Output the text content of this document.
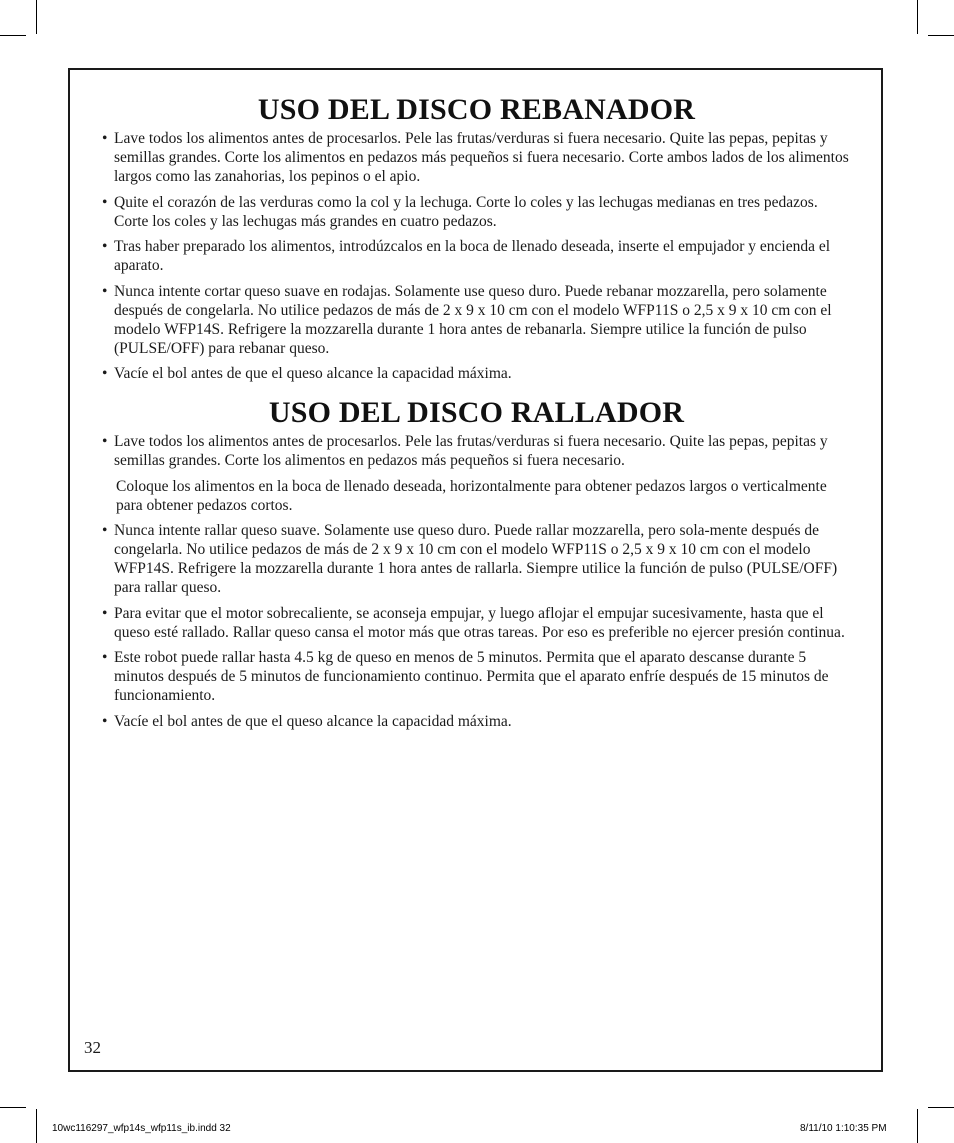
USO DEL DISCO REBANADOR
• Lave todos los alimentos antes de procesarlos. Pele las frutas/verduras si fuera necesario. Quite las pepas, pepitas y semillas grandes. Corte los alimentos en pedazos más pequeños si fuera necesario. Corte ambos lados de los alimentos largos como las zanahorias, los pepinos o el apio.
• Quite el corazón de las verduras como la col y la lechuga. Corte lo coles y las lechugas medianas en tres pedazos. Corte los coles y las lechugas más grandes en cuatro pedazos.
• Tras haber preparado los alimentos, introdúzcalos en la boca de llenado deseada, inserte el empujador y encienda el aparato.
• Nunca intente cortar queso suave en rodajas. Solamente use queso duro. Puede rebanar mozzarella, pero solamente después de congelarla. No utilice pedazos de más de 2 x 9 x 10 cm con el modelo WFP11S o 2,5 x 9 x 10 cm con el modelo WFP14S. Refrigere la mozzarella durante 1 hora antes de rebanarla. Siempre utilice la función de pulso (PULSE/OFF) para rebanar queso.
• Vacíe el bol antes de que el queso alcance la capacidad máxima.
USO DEL DISCO RALLADOR
• Lave todos los alimentos antes de procesarlos. Pele las frutas/verduras si fuera necesario. Quite las pepas, pepitas y semillas grandes. Corte los alimentos en pedazos más pequeños si fuera necesario.

Coloque los alimentos en la boca de llenado deseada, horizontalmente para obtener pedazos largos o verticalmente para obtener pedazos cortos.

• Nunca intente rallar queso suave. Solamente use queso duro. Puede rallar mozzarella, pero sola-mente después de congelarla. No utilice pedazos de más de 2 x 9 x 10 cm con el modelo WFP11S o 2,5 x 9 x 10 cm con el modelo WFP14S. Refrigere la mozzarella durante 1 hora antes de rallarla. Siempre utilice la función de pulso (PULSE/OFF) para rallar queso.
• Para evitar que el motor sobrecaliente, se aconseja empujar, y luego aflojar el empujar sucesivamente, hasta que el queso esté rallado. Rallar queso cansa el motor más que otras tareas. Por eso es preferible no ejercer presión continua.
• Este robot puede rallar hasta 4.5 kg de queso en menos de 5 minutos. Permita que el aparato descanse durante 5 minutos después de 5 minutos de funcionamiento continuo. Permita que el aparato enfríe después de 15 minutos de funcionamiento.
• Vacíe el bol antes de que el queso alcance la capacidad máxima.
32
10wc116297_wfp14s_wfp11s_ib.indd 32	8/11/10 1:10:35 PM
